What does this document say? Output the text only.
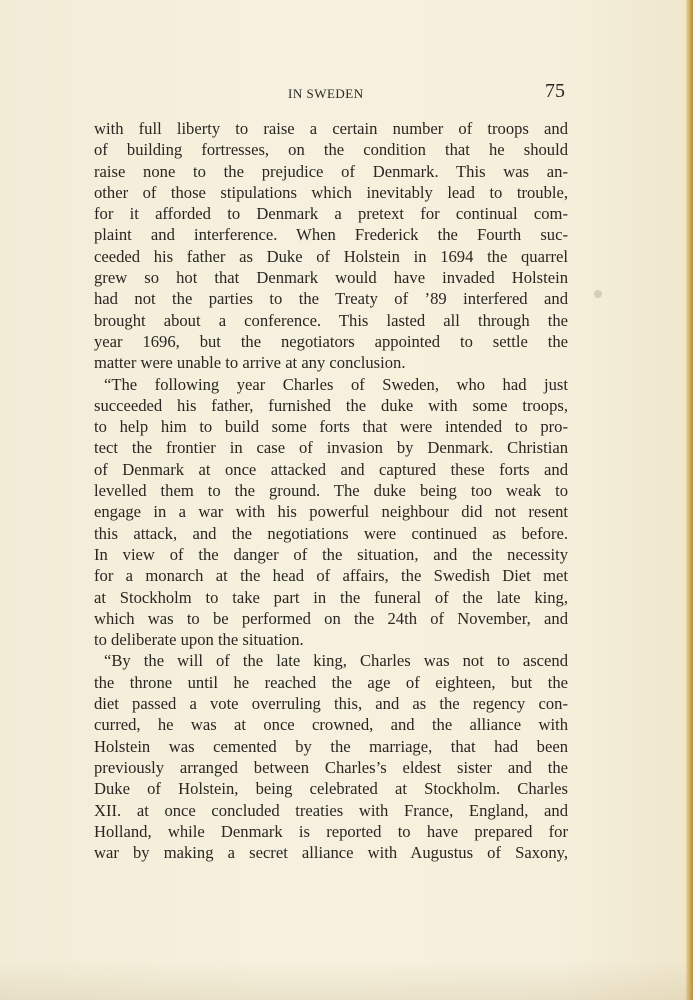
IN SWEDEN	75

with full liberty to raise a certain number of troops and
of building fortresses, on the condition that he should
raise none to the prejudice of Denmark. This was an-
other of those stipulations which inevitably lead to trouble,
for it afforded to Denmark a pretext for continual com-
plaint and interference. When Frederick the Fourth suc-
ceeded his father as Duke of Holstein in 1694 the quarrel
grew so hot that Denmark would have invaded Holstein
had not the parties to the Treaty of ’89 interfered and
brought about a conference. This lasted all through the
year 1696, but the negotiators appointed to settle the
matter were unable to arrive at any conclusion.

“The following year Charles of Sweden, who had just
succeeded his father, furnished the duke with some troops,
to help him to build some forts that were intended to pro-
tect the frontier in case of invasion by Denmark. Christian
of Denmark at once attacked and captured these forts and
levelled them to the ground. The duke being too weak to
engage in a war with his powerful neighbour did not resent
this attack, and the negotiations were continued as before.
In view of the danger of the situation, and the necessity
for a monarch at the head of affairs, the Swedish Diet met
at Stockholm to take part in the funeral of the late king,
which was to be performed on the 24th of November, and
to deliberate upon the situation.

“By the will of the late king, Charles was not to ascend
the throne until he reached the age of eighteen, but the
diet passed a vote overruling this, and as the regency con-
curred, he was at once crowned, and the alliance with
Holstein was cemented by the marriage, that had been
previously arranged between Charles’s eldest sister and the
Duke of Holstein, being celebrated at Stockholm. Charles
XII. at once concluded treaties with France, England, and
Holland, while Denmark is reported to have prepared for
war by making a secret alliance with Augustus of Saxony,
